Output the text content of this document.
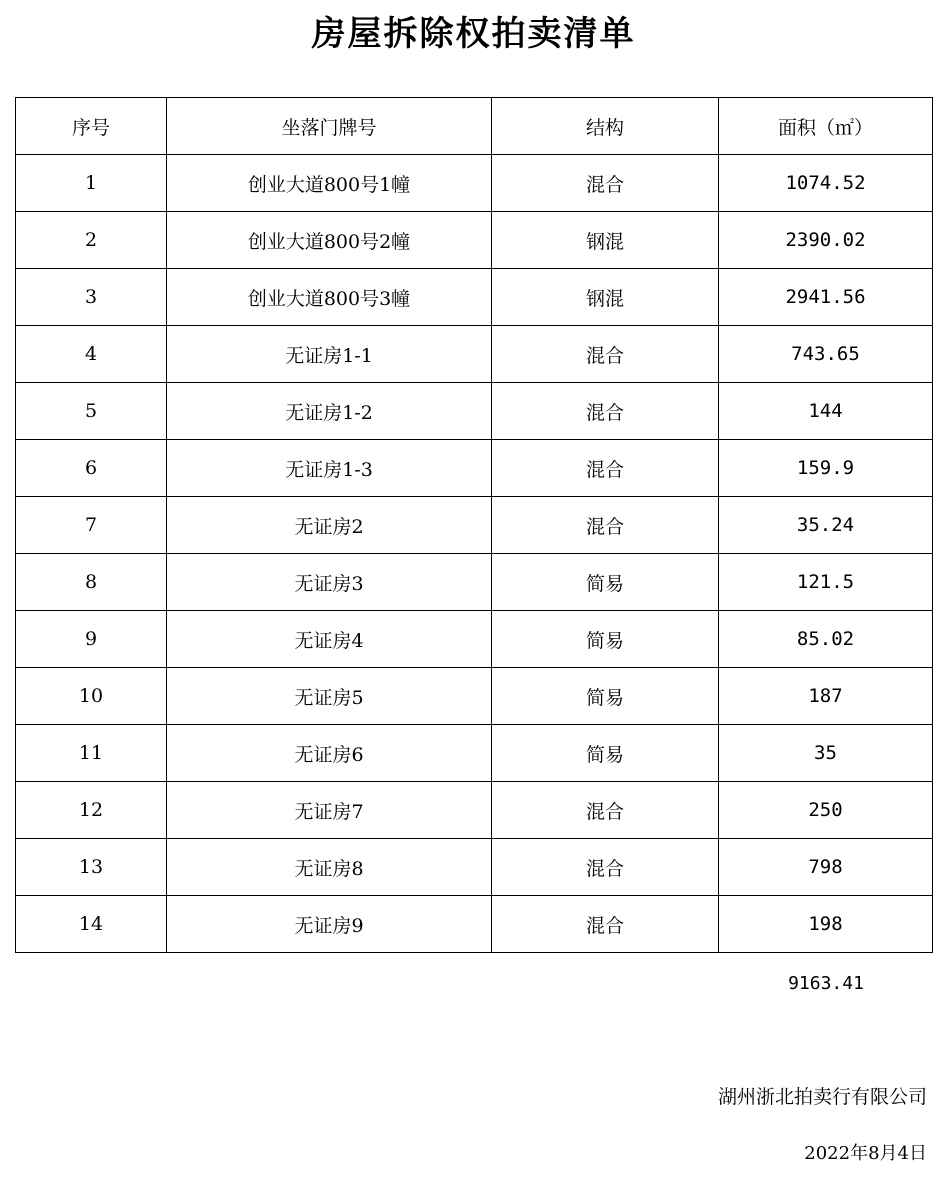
房屋拆除权拍卖清单
序号	坐落门牌号	结构	面积（㎡）
1	创业大道800号1幢	混合	1074.52
2	创业大道800号2幢	钢混	2390.02
3	创业大道800号3幢	钢混	2941.56
4	无证房1-1	混合	743.65
5	无证房1-2	混合	144
6	无证房1-3	混合	159.9
7	无证房2	混合	35.24
8	无证房3	简易	121.5
9	无证房4	简易	85.02
10	无证房5	简易	187
11	无证房6	简易	35
12	无证房7	混合	250
13	无证房8	混合	798
14	无证房9	混合	198
9163.41
湖州浙北拍卖行有限公司
2022年8月4日
